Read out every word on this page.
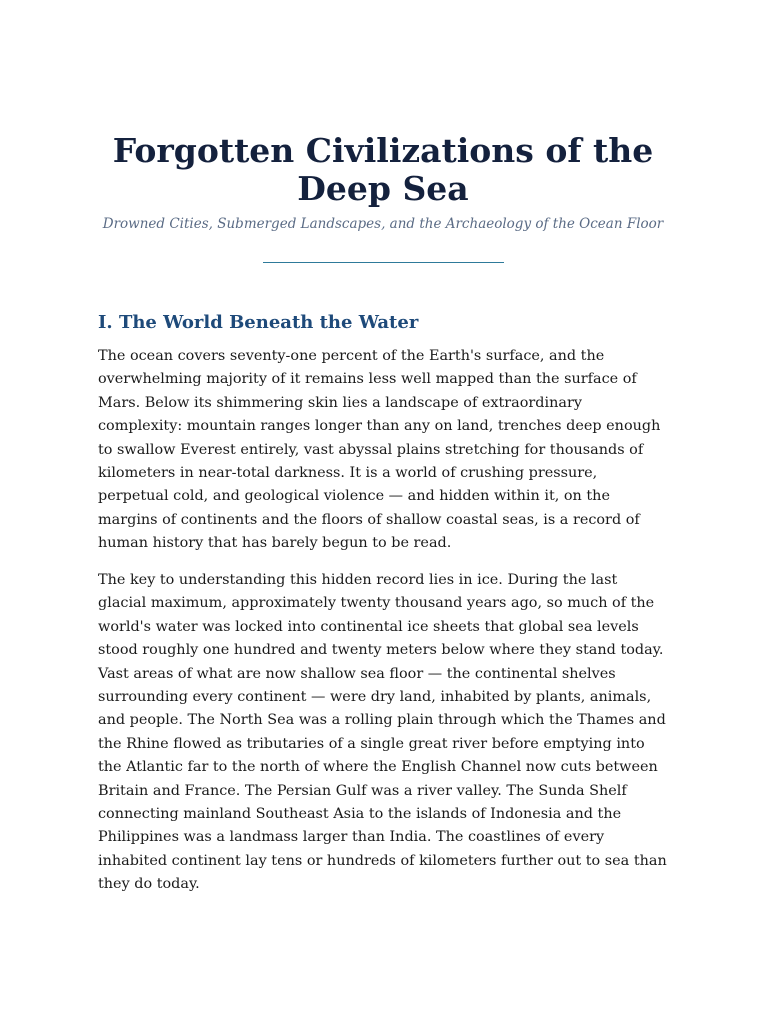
Forgotten Civilizations of the Deep Sea

Drowned Cities, Submerged Landscapes, and the Archaeology of the Ocean Floor

I. The World Beneath the Water

The ocean covers seventy-one percent of the Earth's surface, and the overwhelming majority of it remains less well mapped than the surface of Mars. Below its shimmering skin lies a landscape of extraordinary complexity: mountain ranges longer than any on land, trenches deep enough to swallow Everest entirely, vast abyssal plains stretching for thousands of kilometers in near-total darkness. It is a world of crushing pressure, perpetual cold, and geological violence — and hidden within it, on the margins of continents and the floors of shallow coastal seas, is a record of human history that has barely begun to be read.

The key to understanding this hidden record lies in ice. During the last glacial maximum, approximately twenty thousand years ago, so much of the world's water was locked into continental ice sheets that global sea levels stood roughly one hundred and twenty meters below where they stand today. Vast areas of what are now shallow sea floor — the continental shelves surrounding every continent — were dry land, inhabited by plants, animals, and people. The North Sea was a rolling plain through which the Thames and the Rhine flowed as tributaries of a single great river before emptying into the Atlantic far to the north of where the English Channel now cuts between Britain and France. The Persian Gulf was a river valley. The Sunda Shelf connecting mainland Southeast Asia to the islands of Indonesia and the Philippines was a landmass larger than India. The coastlines of every inhabited continent lay tens or hundreds of kilometers further out to sea than they do today.
